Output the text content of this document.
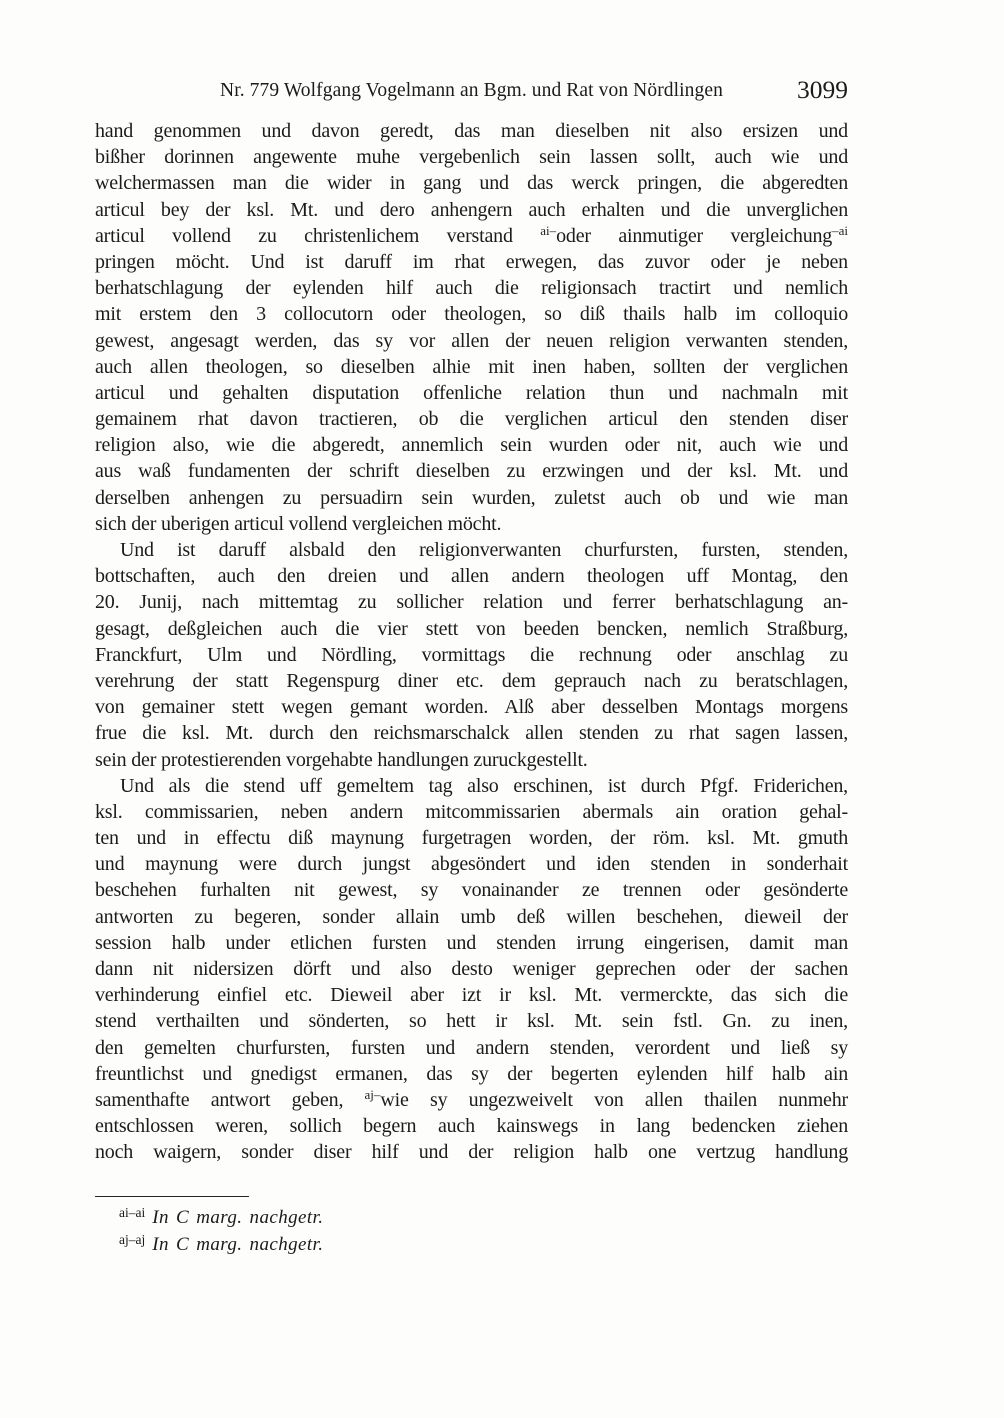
Nr. 779 Wolfgang Vogelmann an Bgm. und Rat von Nördlingen	3099
hand genommen und davon geredt, das man dieselben nit also ersizen und
bißher dorinnen angewente muhe vergebenlich sein lassen sollt, auch wie und
welchermassen man die wider in gang und das werck pringen, die abgeredten
articul bey der ksl. Mt. und dero anhengern auch erhalten und die unverglichen
articul vollend zu christenlichem verstand $^{ai-}$oder ainmutiger vergleichung$^{-ai}$
pringen möcht. Und ist daruff im rhat erwegen, das zuvor oder je neben
berhatschlagung der eylenden hilf auch die religionsach tractirt und nemlich
mit erstem den 3 collocutorn oder theologen, so diß thails halb im colloquio
gewest, angesagt werden, das sy vor allen der neuen religion verwanten stenden,
auch allen theologen, so dieselben alhie mit inen haben, sollten der verglichen
articul und gehalten disputation offenliche relation thun und nachmaln mit
gemainem rhat davon tractieren, ob die verglichen articul den stenden diser
religion also, wie die abgeredt, annemlich sein wurden oder nit, auch wie und
aus waß fundamenten der schrift dieselben zu erzwingen und der ksl. Mt. und
derselben anhengen zu persuadirn sein wurden, zuletst auch ob und wie man
sich der uberigen articul vollend vergleichen möcht.
Und ist daruff alsbald den religionverwanten churfursten, fursten, stenden,
bottschaften, auch den dreien und allen andern theologen uff Montag, den
20. Junij, nach mittemtag zu sollicher relation und ferrer berhatschlagung an-
gesagt, deßgleichen auch die vier stett von beeden bencken, nemlich Straßburg,
Franckfurt, Ulm und Nördling, vormittags die rechnung oder anschlag zu
verehrung der statt Regenspurg diner etc. dem geprauch nach zu beratschlagen,
von gemainer stett wegen gemant worden. Alß aber desselben Montags morgens
frue die ksl. Mt. durch den reichsmarschalck allen stenden zu rhat sagen lassen,
sein der protestierenden vorgehabte handlungen zuruckgestellt.
Und als die stend uff gemeltem tag also erschinen, ist durch Pfgf. Friderichen,
ksl. commissarien, neben andern mitcommissarien abermals ain oration gehal-
ten und in effectu diß maynung furgetragen worden, der röm. ksl. Mt. gmuth
und maynung were durch jungst abgesöndert und iden stenden in sonderhait
beschehen furhalten nit gewest, sy vonainander ze trennen oder gesönderte
antworten zu begeren, sonder allain umb deß willen beschehen, dieweil der
session halb under etlichen fursten und stenden irrung eingerisen, damit man
dann nit nidersizen dörft und also desto weniger geprechen oder der sachen
verhinderung einfiel etc. Dieweil aber izt ir ksl. Mt. vermerckte, das sich die
stend verthailten und sönderten, so hett ir ksl. Mt. sein fstl. Gn. zu inen,
den gemelten churfursten, fursten und andern stenden, verordent und ließ sy
freuntlichst und gnedigst ermanen, das sy der begerten eylenden hilf halb ain
samenthafte antwort geben, $^{aj-}$wie sy ungezweivelt von allen thailen nunmehr
entschlossen weren, sollich begern auch kainswegs in lang bedencken ziehen
noch waigern, sonder diser hilf und der religion halb one vertzug handlung
$^{ai-ai}$ In C marg. nachgetr.
$^{aj-aj}$ In C marg. nachgetr.
